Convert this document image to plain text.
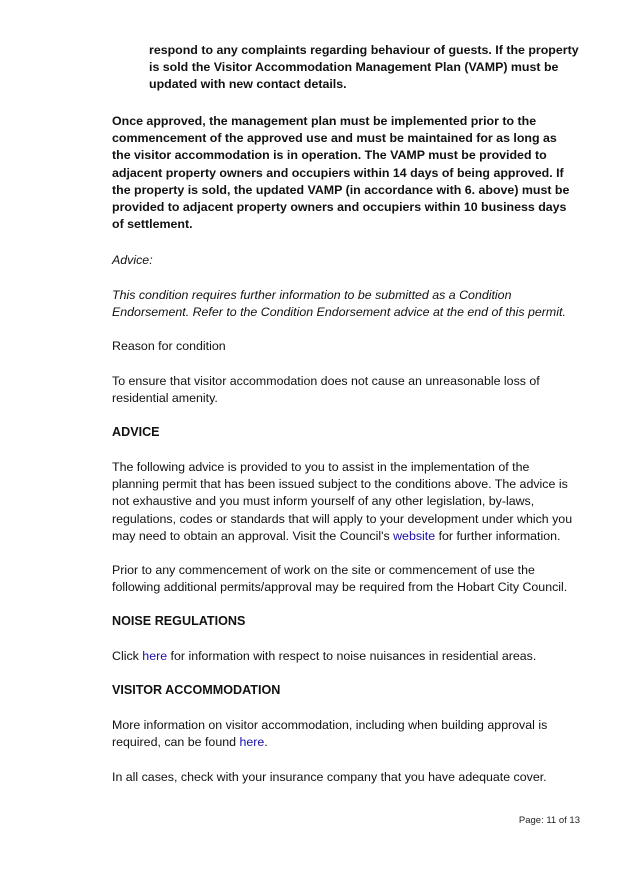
respond to any complaints regarding behaviour of guests. If the property is sold the Visitor Accommodation Management Plan (VAMP) must be updated with new contact details.

Once approved, the management plan must be implemented prior to the commencement of the approved use and must be maintained for as long as the visitor accommodation is in operation. The VAMP must be provided to adjacent property owners and occupiers within 14 days of being approved. If the property is sold, the updated VAMP (in accordance with 6. above) must be provided to adjacent property owners and occupiers within 10 business days of settlement.

Advice:

This condition requires further information to be submitted as a Condition Endorsement. Refer to the Condition Endorsement advice at the end of this permit.

Reason for condition

To ensure that visitor accommodation does not cause an unreasonable loss of residential amenity.

ADVICE

The following advice is provided to you to assist in the implementation of the planning permit that has been issued subject to the conditions above. The advice is not exhaustive and you must inform yourself of any other legislation, by-laws, regulations, codes or standards that will apply to your development under which you may need to obtain an approval. Visit the Council's website for further information.

Prior to any commencement of work on the site or commencement of use the following additional permits/approval may be required from the Hobart City Council.

NOISE REGULATIONS

Click here for information with respect to noise nuisances in residential areas.

VISITOR ACCOMMODATION

More information on visitor accommodation, including when building approval is required, can be found here.

In all cases, check with your insurance company that you have adequate cover.

Page: 11 of 13
